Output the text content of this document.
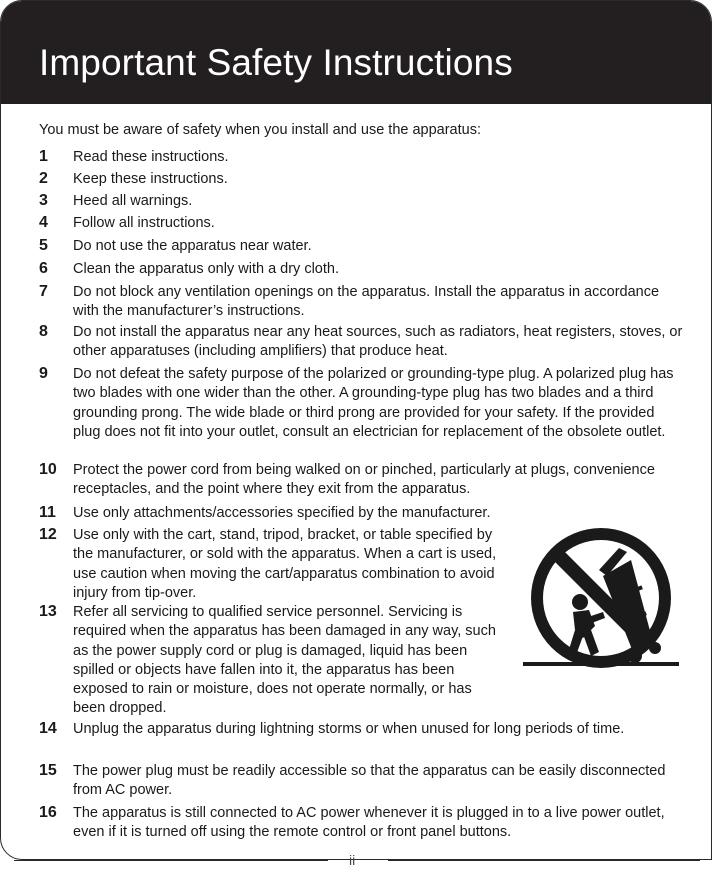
Important Safety Instructions
You must be aware of safety when you install and use the apparatus:
1 Read these instructions.
2 Keep these instructions.
3 Heed all warnings.
4 Follow all instructions.
5 Do not use the apparatus near water.
6 Clean the apparatus only with a dry cloth.
7 Do not block any ventilation openings on the apparatus. Install the apparatus in accordance with the manufacturer’s instructions.
8 Do not install the apparatus near any heat sources, such as radiators, heat registers, stoves, or other apparatuses (including amplifiers) that produce heat.
9 Do not defeat the safety purpose of the polarized or grounding-type plug. A polarized plug has two blades with one wider than the other. A grounding-type plug has two blades and a third grounding prong. The wide blade or third prong are provided for your safety. If the provided plug does not fit into your outlet, consult an electrician for replacement of the obsolete outlet.
10 Protect the power cord from being walked on or pinched, particularly at plugs, convenience receptacles, and the point where they exit from the apparatus.
11 Use only attachments/accessories specified by the manufacturer.
12 Use only with the cart, stand, tripod, bracket, or table specified by the manufacturer, or sold with the apparatus. When a cart is used, use caution when moving the cart/apparatus combination to avoid injury from tip-over.
13 Refer all servicing to qualified service personnel. Servicing is required when the apparatus has been damaged in any way, such as the power supply cord or plug is damaged, liquid has been spilled or objects have fallen into it, the apparatus has been exposed to rain or moisture, does not operate normally, or has been dropped.
14 Unplug the apparatus during lightning storms or when unused for long periods of time.
15 The power plug must be readily accessible so that the apparatus can be easily disconnected from AC power.
16 The apparatus is still connected to AC power whenever it is plugged in to a live power outlet, even if it is turned off using the remote control or front panel buttons.
ii
